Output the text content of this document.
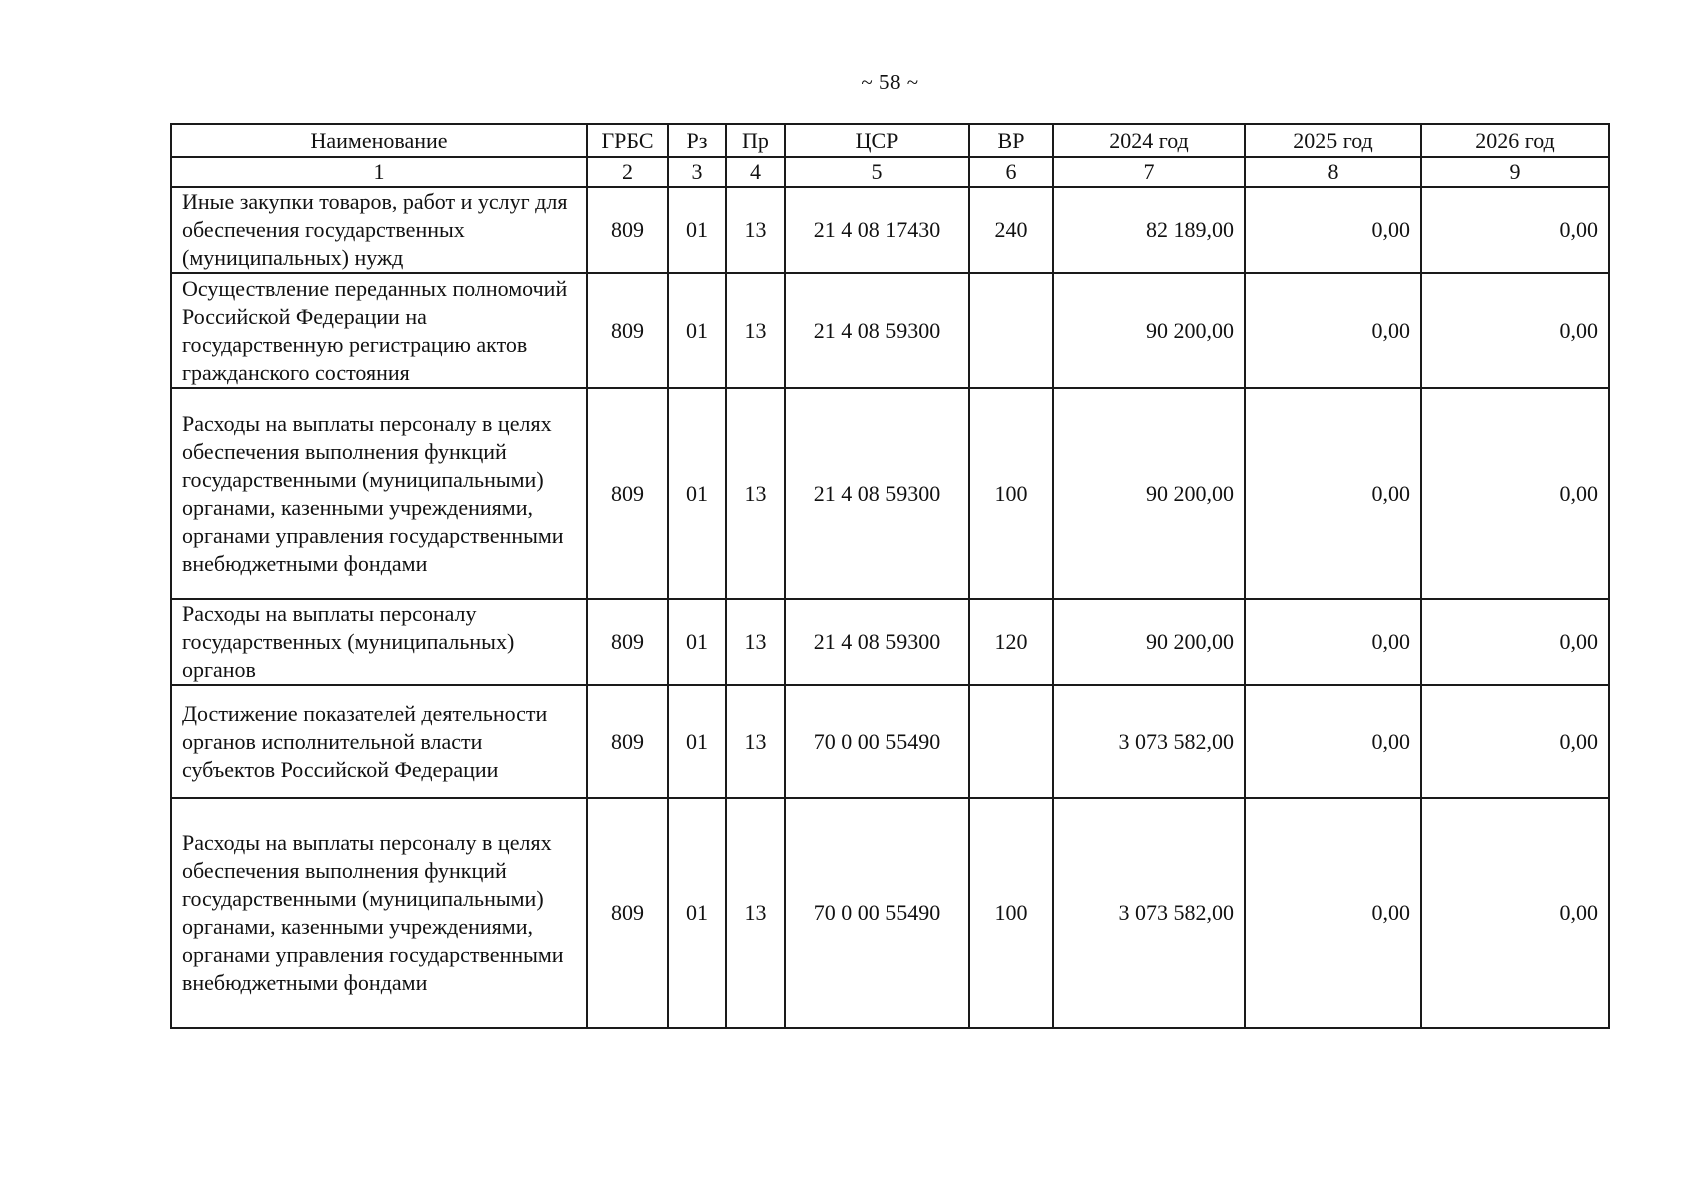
~ 58 ~
Наименование	ГРБС	Рз	Пр	ЦСР	ВР	2024 год	2025 год	2026 год
1	2	3	4	5	6	7	8	9
Иные закупки товаров, работ и услуг для обеспечения государственных (муниципальных) нужд	809	01	13	21 4 08 17430	240	82 189,00	0,00	0,00
Осуществление переданных полномочий Российской Федерации на государственную регистрацию актов гражданского состояния	809	01	13	21 4 08 59300		90 200,00	0,00	0,00
Расходы на выплаты персоналу в целях обеспечения выполнения функций государственными (муниципальными) органами, казенными учреждениями, органами управления государственными внебюджетными фондами	809	01	13	21 4 08 59300	100	90 200,00	0,00	0,00
Расходы на выплаты персоналу государственных (муниципальных) органов	809	01	13	21 4 08 59300	120	90 200,00	0,00	0,00
Достижение показателей деятельности органов исполнительной власти субъектов Российской Федерации	809	01	13	70 0 00 55490		3 073 582,00	0,00	0,00
Расходы на выплаты персоналу в целях обеспечения выполнения функций государственными (муниципальными) органами, казенными учреждениями, органами управления государственными внебюджетными фондами	809	01	13	70 0 00 55490	100	3 073 582,00	0,00	0,00
